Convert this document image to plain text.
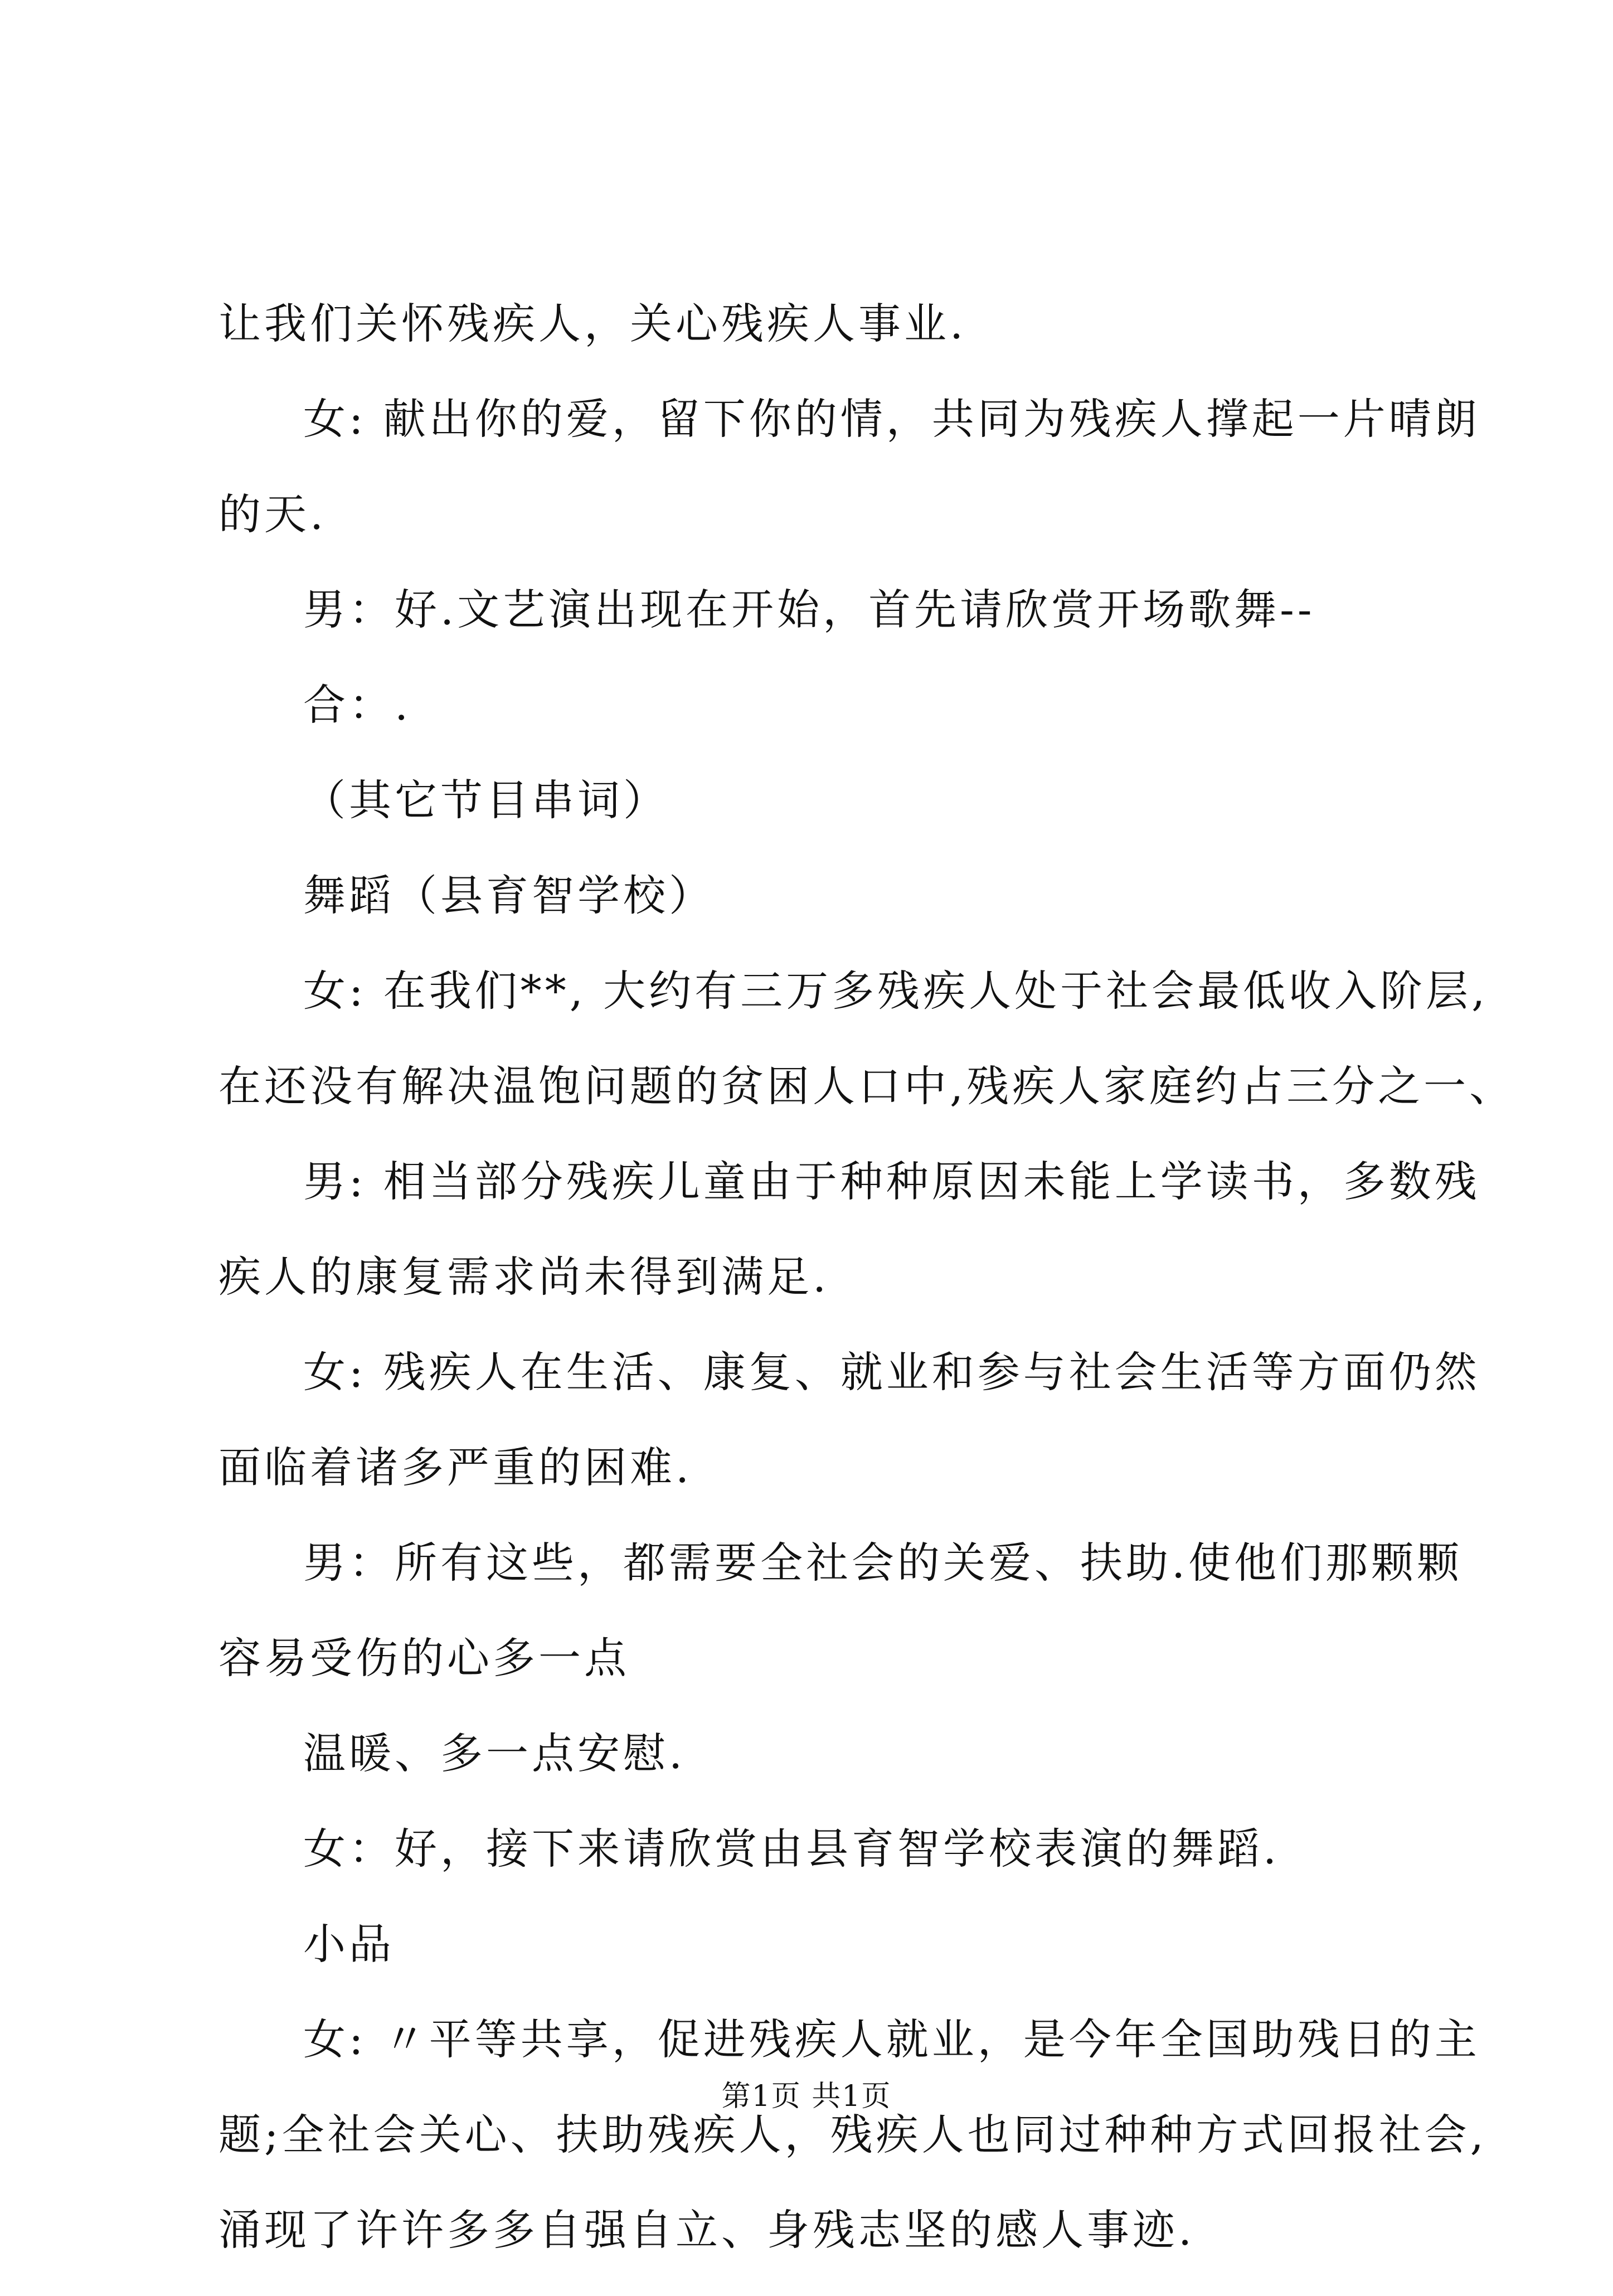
让我们关怀残疾人，关心残疾人事业.
女: 献出你的爱，留下你的情，共同为残疾人撑起一片晴朗
的天.
男：好.文艺演出现在开始，首先请欣赏开场歌舞--
合：.
（其它节目串词）
舞蹈（县育智学校）
女: 在我们**, 大约有三万多残疾人处于社会最低收入阶层,
在还没有解决温饱问题的贫困人口中,残疾人家庭约占三分之一、
男: 相当部分残疾儿童由于种种原因未能上学读书，多数残
疾人的康复需求尚未得到满足.
女: 残疾人在生活、康复、就业和参与社会生活等方面仍然
面临着诸多严重的困难.
男：所有这些，都需要全社会的关爱、扶助.使他们那颗颗
容易受伤的心多一点
温暖、多一点安慰.
女：好，接下来请欣赏由县育智学校表演的舞蹈.
小品
女: 〃平等共享，促进残疾人就业，是今年全国助残日的主
题;全社会关心、扶助残疾人，残疾人也同过种种方式回报社会,
涌现了许许多多自强自立、身残志坚的感人事迹.
第1页 共1页
